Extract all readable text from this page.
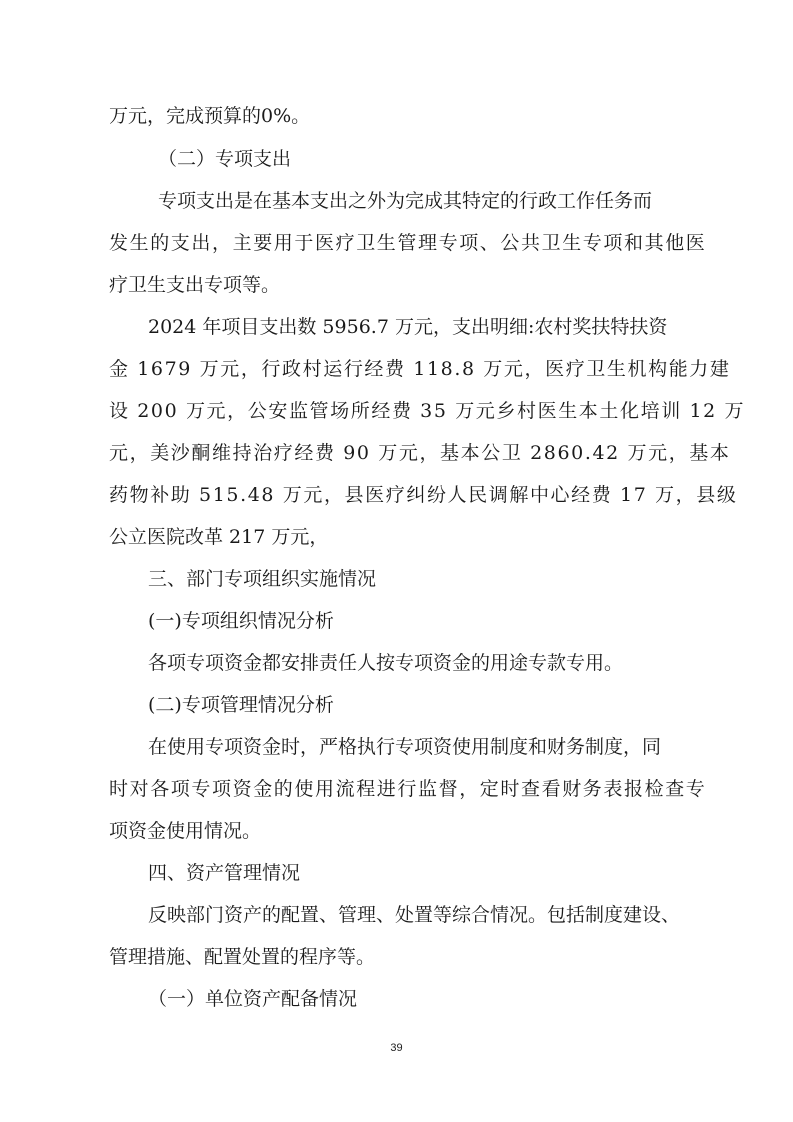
万元，完成预算的0%。
（二）专项支出
专项支出是在基本支出之外为完成其特定的行政工作任务而
发生的支出，主要用于医疗卫生管理专项、公共卫生专项和其他医
疗卫生支出专项等。
2024 年项目支出数 5956.7 万元，支出明细:农村奖扶特扶资
金 1679 万元，行政村运行经费 118.8 万元，医疗卫生机构能力建
设 200 万元，公安监管场所经费 35 万元乡村医生本土化培训 12 万
元，美沙酮维持治疗经费 90 万元，基本公卫 2860.42 万元，基本
药物补助 515.48 万元，县医疗纠纷人民调解中心经费 17 万，县级
公立医院改革 217 万元，
三、部门专项组织实施情况
(一)专项组织情况分析
各项专项资金都安排责任人按专项资金的用途专款专用。
(二)专项管理情况分析
在使用专项资金时，严格执行专项资使用制度和财务制度，同
时对各项专项资金的使用流程进行监督，定时查看财务表报检查专
项资金使用情况。
四、资产管理情况
反映部门资产的配置、管理、处置等综合情况。包括制度建设、
管理措施、配置处置的程序等。
（一）单位资产配备情况
39
